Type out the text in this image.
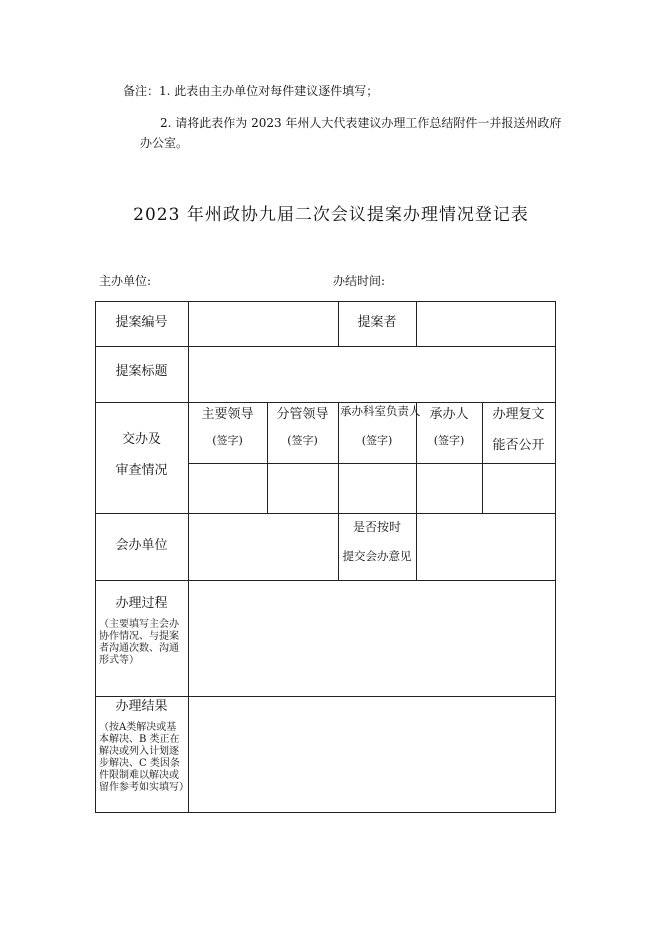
备注：1. 此表由主办单位对每件建议逐件填写；
2. 请将此表作为 2023 年州人大代表建议办理工作总结附件一并报送州政府
办公室。
2023 年州政协九届二次会议提案办理情况登记表
主办单位:	办结时间:
提案编号	提案者
提案标题
交办及
审查情况
主要领导
(签字)
分管领导
(签字)
承办科室负责人
(签字)
承办人
(签字)
办理复文
能否公开
会办单位
是否按时
提交会办意见
办理过程
（主要填写主会办协作情况、与提案者沟通次数、沟通形式等）
办理结果
（按A类解决或基本解决、B 类正在解决或列入计划逐步解决、C 类因条件限制难以解决或留作参考如实填写）
